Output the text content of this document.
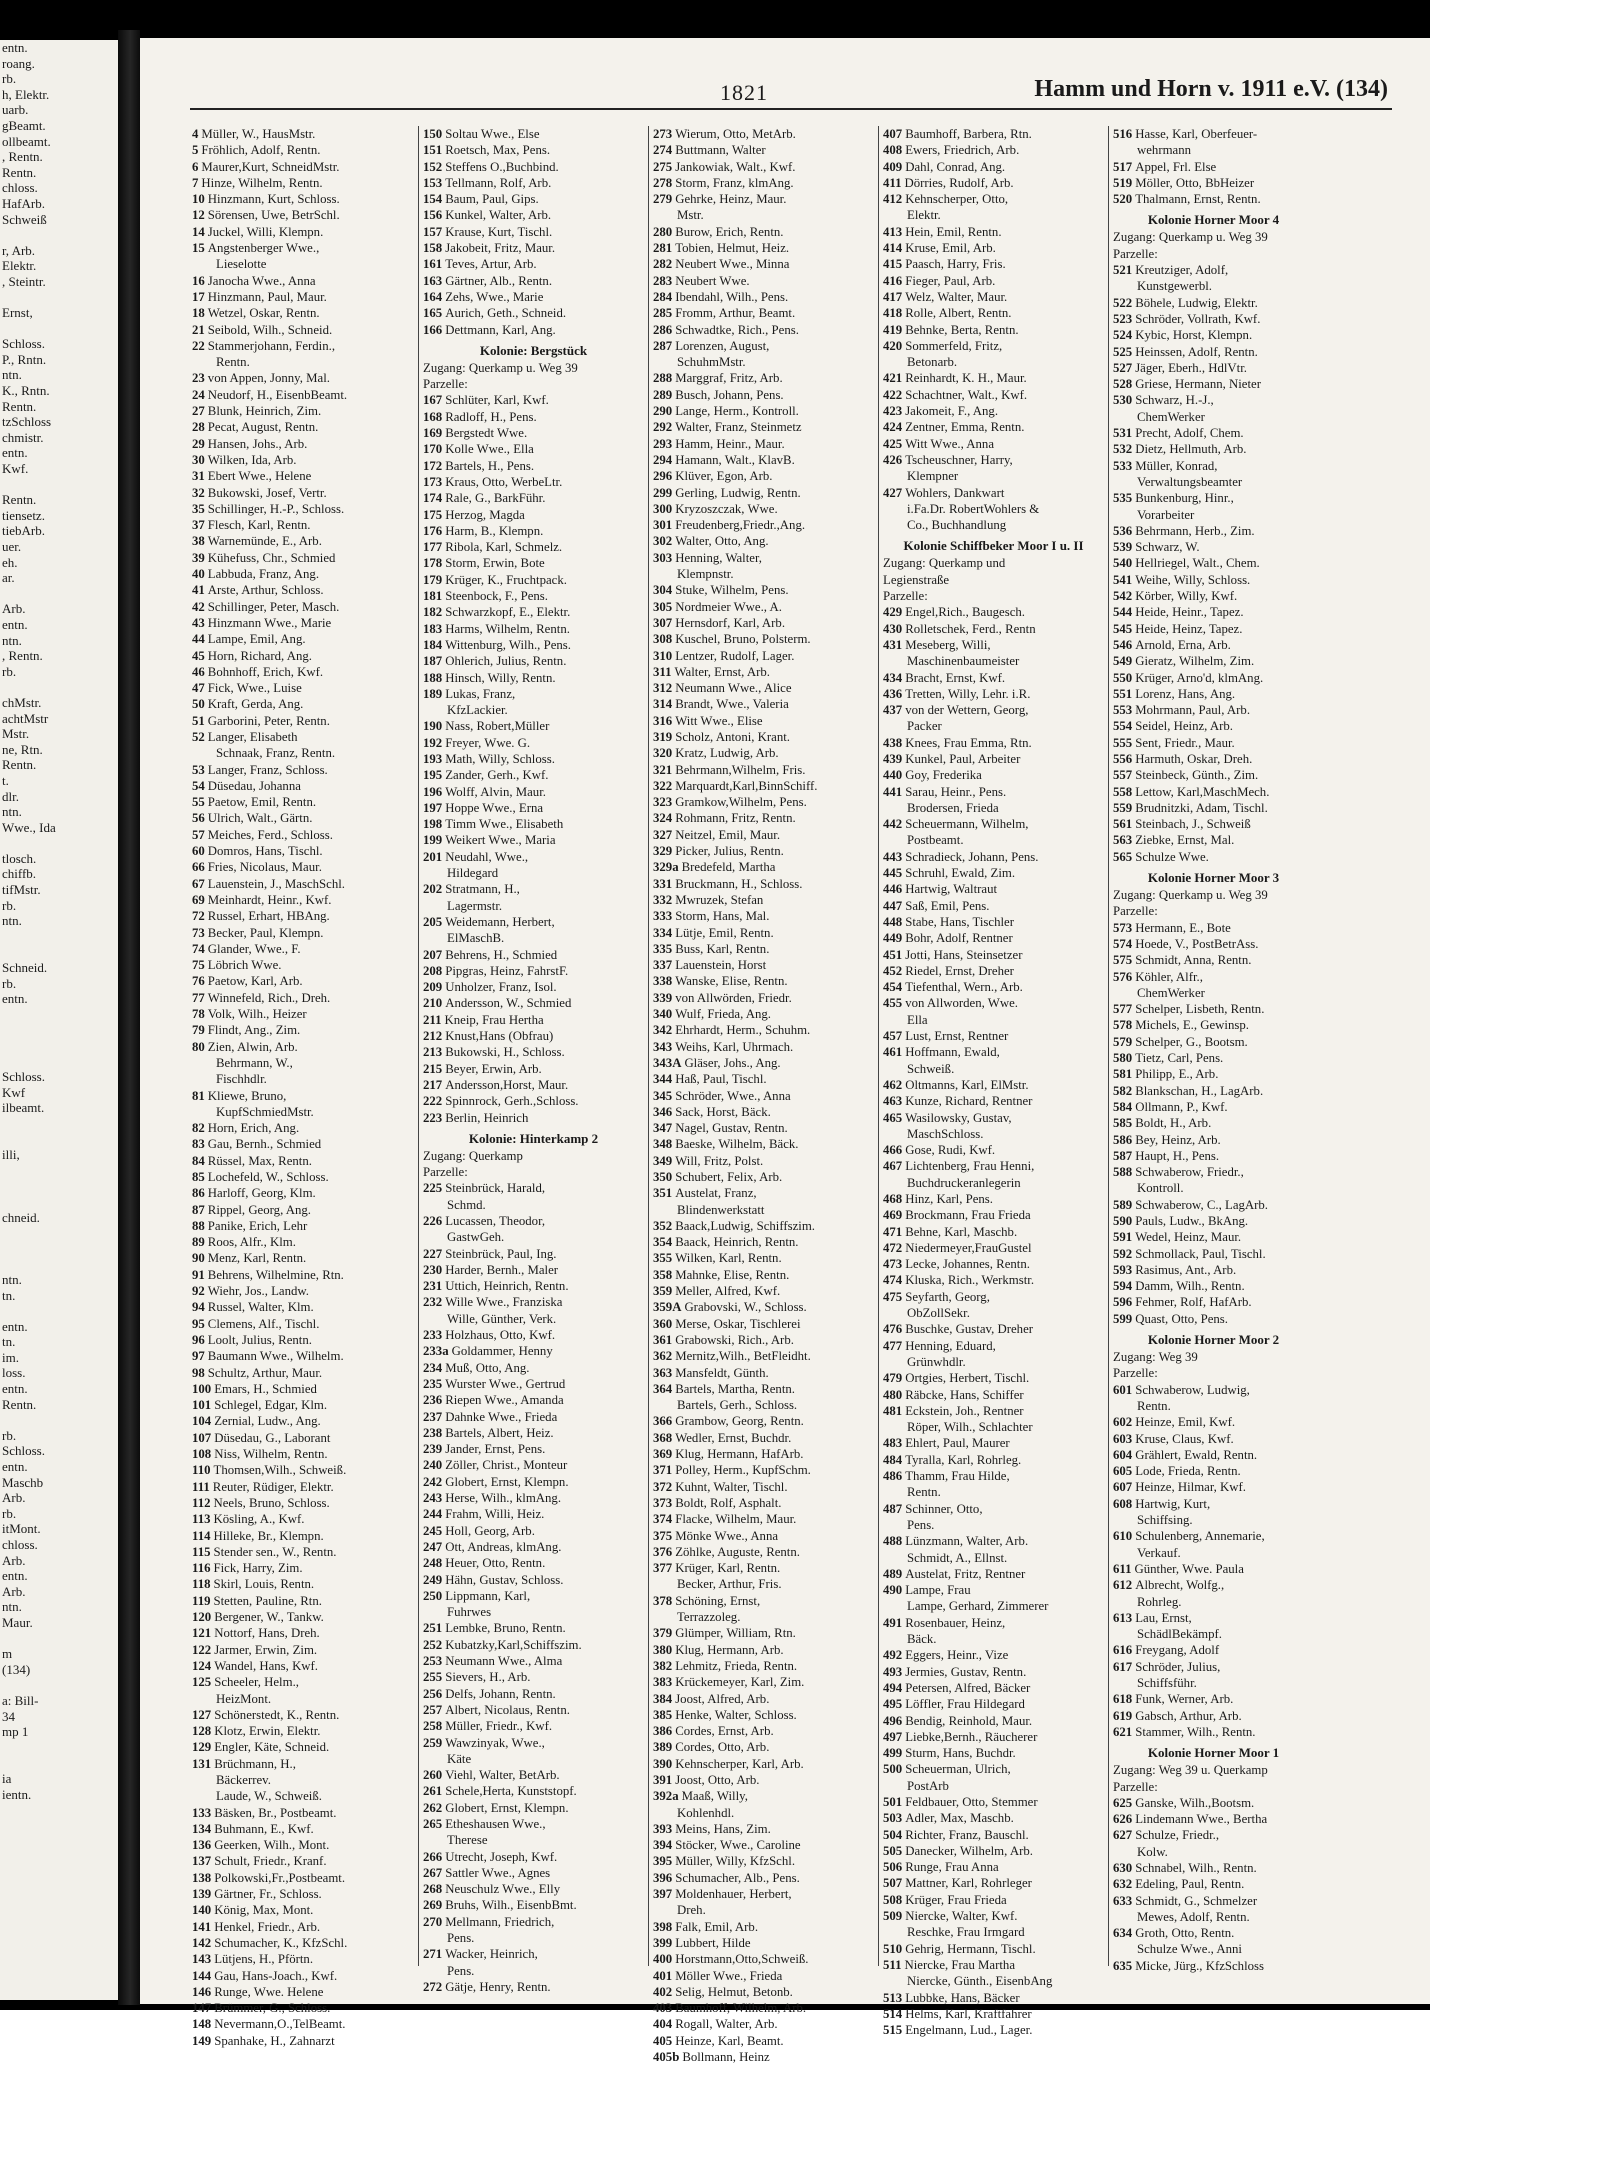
entn.
roang.
rb.
h, Elektr.
uarb.
gBeamt.
ollbeamt.
, Rentn.
Rentn.
chloss.
HafArb.
Schweiß

r, Arb.
Elektr.
, Steintr.

Ernst,

Schloss.
P., Rntn.
ntn.
K., Rntn.
Rentn.
tzSchloss
chmistr.
entn.
Kwf.

Rentn.
tiensetz.
tiebArb.
uer.
eh.
ar.

Arb.
entn.
ntn.
, Rentn.
rb.

chMstr.
achtMstr
Mstr.
ne, Rtn.
Rentn.
t.
dlr.
ntn.
Wwe., Ida

tlosch.
chiffb.
tifMstr.
rb.
ntn.

Schneid.
rb.
entn.

Schloss.
Kwf
ilbeamt.

illi,

chneid.

ntn.
tn.

entn.
tn.
im.
loss.
entn.
Rentn.

rb.
Schloss.
entn.
Maschb
Arb.
rb.
itMont.
chloss.
Arb.
entn.
Arb.
ntn.
Maur.

m
(134)

a: Bill-
34
mp 1

ia
ientn.
1821	Hamm und Horn v. 1911 e.V. (134)
4 Müller, W., HausMstr.
5 Fröhlich, Adolf, Rentn.
6 Maurer,Kurt, SchneidMstr.
7 Hinze, Wilhelm, Rentn.
10 Hinzmann, Kurt, Schloss.
12 Sörensen, Uwe, BetrSchl.
14 Juckel, Willi, Klempn.
15 Angstenberger Wwe.,
Lieselotte
16 Janocha Wwe., Anna
17 Hinzmann, Paul, Maur.
18 Wetzel, Oskar, Rentn.
21 Seibold, Wilh., Schneid.
22 Stammerjohann, Ferdin.,
Rentn.
23 von Appen, Jonny, Mal.
24 Neudorf, H., EisenbBeamt.
27 Blunk, Heinrich, Zim.
28 Pecat, August, Rentn.
29 Hansen, Johs., Arb.
30 Wilken, Ida, Arb.
31 Ebert Wwe., Helene
32 Bukowski, Josef, Vertr.
35 Schillinger, H.-P., Schloss.
37 Flesch, Karl, Rentn.
38 Warnemünde, E., Arb.
39 Kühefuss, Chr., Schmied
40 Labbuda, Franz, Ang.
41 Arste, Arthur, Schloss.
42 Schillinger, Peter, Masch.
43 Hinzmann Wwe., Marie
44 Lampe, Emil, Ang.
45 Horn, Richard, Ang.
46 Bohnhoff, Erich, Kwf.
47 Fick, Wwe., Luise
50 Kraft, Gerda, Ang.
51 Garborini, Peter, Rentn.
52 Langer, Elisabeth
Schnaak, Franz, Rentn.
53 Langer, Franz, Schloss.
54 Düsedau, Johanna
55 Paetow, Emil, Rentn.
56 Ulrich, Walt., Gärtn.
57 Meiches, Ferd., Schloss.
60 Domros, Hans, Tischl.
66 Fries, Nicolaus, Maur.
67 Lauenstein, J., MaschSchl.
69 Meinhardt, Heinr., Kwf.
72 Russel, Erhart, HBAng.
73 Becker, Paul, Klempn.
74 Glander, Wwe., F.
75 Löbrich Wwe.
76 Paetow, Karl, Arb.
77 Winnefeld, Rich., Dreh.
78 Volk, Wilh., Heizer
79 Flindt, Ang., Zim.
80 Zien, Alwin, Arb.
Behrmann, W.,
Fischhdlr.
81 Kliewe, Bruno,
KupfSchmiedMstr.
82 Horn, Erich, Ang.
83 Gau, Bernh., Schmied
84 Rüssel, Max, Rentn.
85 Lochefeld, W., Schloss.
86 Harloff, Georg, Klm.
87 Rippel, Georg, Ang.
88 Panike, Erich, Lehr
89 Roos, Alfr., Klm.
90 Menz, Karl, Rentn.
91 Behrens, Wilhelmine, Rtn.
92 Wiehr, Jos., Landw.
94 Russel, Walter, Klm.
95 Clemens, Alf., Tischl.
96 Loolt, Julius, Rentn.
97 Baumann Wwe., Wilhelm.
98 Schultz, Arthur, Maur.
100 Emars, H., Schmied
101 Schlegel, Edgar, Klm.
104 Zernial, Ludw., Ang.
107 Düsedau, G., Laborant
108 Niss, Wilhelm, Rentn.
110 Thomsen,Wilh., Schweiß.
111 Reuter, Rüdiger, Elektr.
112 Neels, Bruno, Schloss.
113 Kösling, A., Kwf.
114 Hilleke, Br., Klempn.
115 Stender sen., W., Rentn.
116 Fick, Harry, Zim.
118 Skirl, Louis, Rentn.
119 Stetten, Pauline, Rtn.
120 Bergener, W., Tankw.
121 Nottorf, Hans, Dreh.
122 Jarmer, Erwin, Zim.
124 Wandel, Hans, Kwf.
125 Scheeler, Helm.,
HeizMont.
127 Schönerstedt, K., Rentn.
128 Klotz, Erwin, Elektr.
129 Engler, Käte, Schneid.
131 Brüchmann, H.,
Bäckerrev.
Laude, W., Schweiß.
133 Bäsken, Br., Postbeamt.
134 Buhmann, E., Kwf.
136 Geerken, Wilh., Mont.
137 Schult, Friedr., Kranf.
138 Polkowski,Fr.,Postbeamt.
139 Gärtner, Fr., Schloss.
140 König, Max, Mont.
141 Henkel, Friedr., Arb.
142 Schumacher, K., KfzSchl.
143 Lütjens, H., Pförtn.
144 Gau, Hans-Joach., Kwf.
146 Runge, Wwe. Helene
147 Brümmer, G., Schloss.
148 Nevermann,O.,TelBeamt.
149 Spanhake, H., Zahnarzt
150 Soltau Wwe., Else
151 Roetsch, Max, Pens.
152 Steffens O.,Buchbind.
153 Tellmann, Rolf, Arb.
154 Baum, Paul, Gips.
156 Kunkel, Walter, Arb.
157 Krause, Kurt, Tischl.
158 Jakobeit, Fritz, Maur.
161 Teves, Artur, Arb.
163 Gärtner, Alb., Rentn.
164 Zehs, Wwe., Marie
165 Aurich, Geth., Schneid.
166 Dettmann, Karl, Ang.
Kolonie: Bergstück
Zugang: Querkamp u. Weg 39
Parzelle:
167 Schlüter, Karl, Kwf.
168 Radloff, H., Pens.
169 Bergstedt Wwe.
170 Kolle Wwe., Ella
172 Bartels, H., Pens.
173 Kraus, Otto, WerbeLtr.
174 Rale, G., BarkFühr.
175 Herzog, Magda
176 Harm, B., Klempn.
177 Ribola, Karl, Schmelz.
178 Storm, Erwin, Bote
179 Krüger, K., Fruchtpack.
181 Steenbock, F., Pens.
182 Schwarzkopf, E., Elektr.
183 Harms, Wilhelm, Rentn.
184 Wittenburg, Wilh., Pens.
187 Ohlerich, Julius, Rentn.
188 Hinsch, Willy, Rentn.
189 Lukas, Franz,
KfzLackier.
190 Nass, Robert,Müller
192 Freyer, Wwe. G.
193 Math, Willy, Schloss.
195 Zander, Gerh., Kwf.
196 Wolff, Alvin, Maur.
197 Hoppe Wwe., Erna
198 Timm Wwe., Elisabeth
199 Weikert Wwe., Maria
201 Neudahl, Wwe.,
Hildegard
202 Stratmann, H.,
Lagermstr.
205 Weidemann, Herbert,
ElMaschB.
207 Behrens, H., Schmied
208 Pipgras, Heinz, FahrstF.
209 Unholzer, Franz, Isol.
210 Andersson, W., Schmied
211 Kneip, Frau Hertha
212 Knust,Hans (Obfrau)
213 Bukowski, H., Schloss.
215 Beyer, Erwin, Arb.
217 Andersson,Horst, Maur.
222 Spinnrock, Gerh.,Schloss.
223 Berlin, Heinrich
Kolonie: Hinterkamp 2
Zugang: Querkamp
Parzelle:
225 Steinbrück, Harald,
Schmd.
226 Lucassen, Theodor,
GastwGeh.
227 Steinbrück, Paul, Ing.
230 Harder, Bernh., Maler
231 Uttich, Heinrich, Rentn.
232 Wille Wwe., Franziska
Wille, Günther, Verk.
233 Holzhaus, Otto, Kwf.
233a Goldammer, Henny
234 Muß, Otto, Ang.
235 Wurster Wwe., Gertrud
236 Riepen Wwe., Amanda
237 Dahnke Wwe., Frieda
238 Bartels, Albert, Heiz.
239 Jander, Ernst, Pens.
240 Zöller, Christ., Monteur
242 Globert, Ernst, Klempn.
243 Herse, Wilh., klmAng.
244 Frahm, Willi, Heiz.
245 Holl, Georg, Arb.
247 Ott, Andreas, klmAng.
248 Heuer, Otto, Rentn.
249 Hähn, Gustav, Schloss.
250 Lippmann, Karl,
Fuhrwes
251 Lembke, Bruno, Rentn.
252 Kubatzky,Karl,Schiffszim.
253 Neumann Wwe., Alma
255 Sievers, H., Arb.
256 Delfs, Johann, Rentn.
257 Albert, Nicolaus, Rentn.
258 Müller, Friedr., Kwf.
259 Wawzinyak, Wwe.,
Käte
260 Viehl, Walter, BetArb.
261 Schele,Herta, Kunststopf.
262 Globert, Ernst, Klempn.
265 Etheshausen Wwe.,
Therese
266 Utrecht, Joseph, Kwf.
267 Sattler Wwe., Agnes
268 Neuschulz Wwe., Elly
269 Bruhs, Wilh., EisenbBmt.
270 Mellmann, Friedrich,
Pens.
271 Wacker, Heinrich,
Pens.
272 Gätje, Henry, Rentn.
273 Wierum, Otto, MetArb.
274 Buttmann, Walter
275 Jankowiak, Walt., Kwf.
278 Storm, Franz, klmAng.
279 Gehrke, Heinz, Maur.
Mstr.
280 Burow, Erich, Rentn.
281 Tobien, Helmut, Heiz.
282 Neubert Wwe., Minna
283 Neubert Wwe.
284 Ibendahl, Wilh., Pens.
285 Fromm, Arthur, Beamt.
286 Schwadtke, Rich., Pens.
287 Lorenzen, August,
SchuhmMstr.
288 Marggraf, Fritz, Arb.
289 Busch, Johann, Pens.
290 Lange, Herm., Kontroll.
292 Walter, Franz, Steinmetz
293 Hamm, Heinr., Maur.
294 Hamann, Walt., KlavB.
296 Klüver, Egon, Arb.
299 Gerling, Ludwig, Rentn.
300 Kryzoszczak, Wwe.
301 Freudenberg,Friedr.,Ang.
302 Walter, Otto, Ang.
303 Henning, Walter,
Klempnstr.
304 Stuke, Wilhelm, Pens.
305 Nordmeier Wwe., A.
307 Hernsdorf, Karl, Arb.
308 Kuschel, Bruno, Polsterm.
310 Lentzer, Rudolf, Lager.
311 Walter, Ernst, Arb.
312 Neumann Wwe., Alice
314 Brandt, Wwe., Valeria
316 Witt Wwe., Elise
319 Scholz, Antoni, Krant.
320 Kratz, Ludwig, Arb.
321 Behrmann,Wilhelm, Fris.
322 Marquardt,Karl,BinnSchiff.
323 Gramkow,Wilhelm, Pens.
324 Rohmann, Fritz, Rentn.
327 Neitzel, Emil, Maur.
329 Picker, Julius, Rentn.
329a Bredefeld, Martha
331 Bruckmann, H., Schloss.
332 Mwruzek, Stefan
333 Storm, Hans, Mal.
334 Lütje, Emil, Rentn.
335 Buss, Karl, Rentn.
337 Lauenstein, Horst
338 Wanske, Elise, Rentn.
339 von Allwörden, Friedr.
340 Wulf, Frieda, Ang.
342 Ehrhardt, Herm., Schuhm.
343 Weihs, Karl, Uhrmach.
343A Gläser, Johs., Ang.
344 Haß, Paul, Tischl.
345 Schröder, Wwe., Anna
346 Sack, Horst, Bäck.
347 Nagel, Gustav, Rentn.
348 Baeske, Wilhelm, Bäck.
349 Will, Fritz, Polst.
350 Schubert, Felix, Arb.
351 Austelat, Franz,
Blindenwerkstatt
352 Baack,Ludwig, Schiffszim.
354 Baack, Heinrich, Rentn.
355 Wilken, Karl, Rentn.
358 Mahnke, Elise, Rentn.
359 Meller, Alfred, Kwf.
359A Grabovski, W., Schloss.
360 Merse, Oskar, Tischlerei
361 Grabowski, Rich., Arb.
362 Mernitz,Wilh., BetFleidht.
363 Mansfeldt, Günth.
364 Bartels, Martha, Rentn.
Bartels, Gerh., Schloss.
366 Grambow, Georg, Rentn.
368 Wedler, Ernst, Buchdr.
369 Klug, Hermann, HafArb.
371 Polley, Herm., KupfSchm.
372 Kuhnt, Walter, Tischl.
373 Boldt, Rolf, Asphalt.
374 Flacke, Wilhelm, Maur.
375 Mönke Wwe., Anna
376 Zöhlke, Auguste, Rentn.
377 Krüger, Karl, Rentn.
Becker, Arthur, Fris.
378 Schöning, Ernst,
Terrazzoleg.
379 Glümper, William, Rtn.
380 Klug, Hermann, Arb.
382 Lehmitz, Frieda, Rentn.
383 Krückemeyer, Karl, Zim.
384 Joost, Alfred, Arb.
385 Henke, Walter, Schloss.
386 Cordes, Ernst, Arb.
389 Cordes, Otto, Arb.
390 Kehnscherper, Karl, Arb.
391 Joost, Otto, Arb.
392a Maaß, Willy,
Kohlenhdl.
393 Meins, Hans, Zim.
394 Stöcker, Wwe., Caroline
395 Müller, Willy, KfzSchl.
396 Schumacher, Alb., Pens.
397 Moldenhauer, Herbert,
Dreh.
398 Falk, Emil, Arb.
399 Lubbert, Hilde
400 Horstmann,Otto,Schweiß.
401 Möller Wwe., Frieda
402 Selig, Helmut, Betonb.
403 Baumhoff, Wilhelm, Arb.
404 Rogall, Walter, Arb.
405 Heinze, Karl, Beamt.
405b Bollmann, Heinz
407 Baumhoff, Barbera, Rtn.
408 Ewers, Friedrich, Arb.
409 Dahl, Conrad, Ang.
411 Dörries, Rudolf, Arb.
412 Kehnscherper, Otto,
Elektr.
413 Hein, Emil, Rentn.
414 Kruse, Emil, Arb.
415 Paasch, Harry, Fris.
416 Fieger, Paul, Arb.
417 Welz, Walter, Maur.
418 Rolle, Albert, Rentn.
419 Behnke, Berta, Rentn.
420 Sommerfeld, Fritz,
Betonarb.
421 Reinhardt, K. H., Maur.
422 Schachtner, Walt., Kwf.
423 Jakomeit, F., Ang.
424 Zentner, Emma, Rentn.
425 Witt Wwe., Anna
426 Tscheuschner, Harry,
Klempner
427 Wohlers, Dankwart
i.Fa.Dr. RobertWohlers &
Co., Buchhandlung
Kolonie Schiffbeker Moor I u. II
Zugang: Querkamp und
Legienstraße
Parzelle:
429 Engel,Rich., Baugesch.
430 Rolletschek, Ferd., Rentn
431 Meseberg, Willi,
Maschinenbaumeister
434 Bracht, Ernst, Kwf.
436 Tretten, Willy, Lehr. i.R.
437 von der Wettern, Georg,
Packer
438 Knees, Frau Emma, Rtn.
439 Kunkel, Paul, Arbeiter
440 Goy, Frederika
441 Sarau, Heinr., Pens.
Brodersen, Frieda
442 Scheuermann, Wilhelm,
Postbeamt.
443 Schradieck, Johann, Pens.
445 Schruhl, Ewald, Zim.
446 Hartwig, Waltraut
447 Saß, Emil, Pens.
448 Stabe, Hans, Tischler
449 Bohr, Adolf, Rentner
451 Jotti, Hans, Steinsetzer
452 Riedel, Ernst, Dreher
454 Tiefenthal, Wern., Arb.
455 von Allworden, Wwe.
Ella
457 Lust, Ernst, Rentner
461 Hoffmann, Ewald,
Schweiß.
462 Oltmanns, Karl, ElMstr.
463 Kunze, Richard, Rentner
465 Wasilowsky, Gustav,
MaschSchloss.
466 Gose, Rudi, Kwf.
467 Lichtenberg, Frau Henni,
Buchdruckeranlegerin
468 Hinz, Karl, Pens.
469 Brockmann, Frau Frieda
471 Behne, Karl, Maschb.
472 Niedermeyer,FrauGustel
473 Lecke, Johannes, Rentn.
474 Kluska, Rich., Werkmstr.
475 Seyfarth, Georg,
ObZollSekr.
476 Buschke, Gustav, Dreher
477 Henning, Eduard,
Grünwhdlr.
479 Ortgies, Herbert, Tischl.
480 Räbcke, Hans, Schiffer
481 Eckstein, Joh., Rentner
Röper, Wilh., Schlachter
483 Ehlert, Paul, Maurer
484 Tyralla, Karl, Rohrleg.
486 Thamm, Frau Hilde,
Rentn.
487 Schinner, Otto,
Pens.
488 Lünzmann, Walter, Arb.
Schmidt, A., Ellnst.
489 Austelat, Fritz, Rentner
490 Lampe, Frau
Lampe, Gerhard, Zimmerer
491 Rosenbauer, Heinz,
Bäck.
492 Eggers, Heinr., Vize
493 Jermies, Gustav, Rentn.
494 Petersen, Alfred, Bäcker
495 Löffler, Frau Hildegard
496 Bendig, Reinhold, Maur.
497 Liebke,Bernh., Räucherer
499 Sturm, Hans, Buchdr.
500 Scheuerman, Ulrich,
PostArb
501 Feldbauer, Otto, Stemmer
503 Adler, Max, Maschb.
504 Richter, Franz, Bauschl.
505 Danecker, Wilhelm, Arb.
506 Runge, Frau Anna
507 Mattner, Karl, Rohrleger
508 Krüger, Frau Frieda
509 Niercke, Walter, Kwf.
Reschke, Frau Irmgard
510 Gehrig, Hermann, Tischl.
511 Niercke, Frau Martha
Niercke, Günth., EisenbAng
513 Lubbke, Hans, Bäcker
514 Helms, Karl, Kraftfahrer
515 Engelmann, Lud., Lager.
516 Hasse, Karl, Oberfeuer-
wehrmann
517 Appel, Frl. Else
519 Möller, Otto, BbHeizer
520 Thalmann, Ernst, Rentn.
Kolonie Horner Moor 4
Zugang: Querkamp u. Weg 39
Parzelle:
521 Kreutziger, Adolf,
Kunstgewerbl.
522 Böhele, Ludwig, Elektr.
523 Schröder, Vollrath, Kwf.
524 Kybic, Horst, Klempn.
525 Heinssen, Adolf, Rentn.
527 Jäger, Eberh., HdlVtr.
528 Griese, Hermann, Nieter
530 Schwarz, H.-J.,
ChemWerker
531 Precht, Adolf, Chem.
532 Dietz, Hellmuth, Arb.
533 Müller, Konrad,
Verwaltungsbeamter
535 Bunkenburg, Hinr.,
Vorarbeiter
536 Behrmann, Herb., Zim.
539 Schwarz, W.
540 Hellriegel, Walt., Chem.
541 Weihe, Willy, Schloss.
542 Körber, Willy, Kwf.
544 Heide, Heinr., Tapez.
545 Heide, Heinz, Tapez.
546 Arnold, Erna, Arb.
549 Gieratz, Wilhelm, Zim.
550 Krüger, Arno'd, klmAng.
551 Lorenz, Hans, Ang.
553 Mohrmann, Paul, Arb.
554 Seidel, Heinz, Arb.
555 Sent, Friedr., Maur.
556 Harmuth, Oskar, Dreh.
557 Steinbeck, Günth., Zim.
558 Lettow, Karl,MaschMech.
559 Brudnitzki, Adam, Tischl.
561 Steinbach, J., Schweiß
563 Ziebke, Ernst, Mal.
565 Schulze Wwe.
Kolonie Horner Moor 3
Zugang: Querkamp u. Weg 39
Parzelle:
573 Hermann, E., Bote
574 Hoede, V., PostBetrAss.
575 Schmidt, Anna, Rentn.
576 Köhler, Alfr.,
ChemWerker
577 Schelper, Lisbeth, Rentn.
578 Michels, E., Gewinsp.
579 Schelper, G., Bootsm.
580 Tietz, Carl, Pens.
581 Philipp, E., Arb.
582 Blankschan, H., LagArb.
584 Ollmann, P., Kwf.
585 Boldt, H., Arb.
586 Bey, Heinz, Arb.
587 Haupt, H., Pens.
588 Schwaberow, Friedr.,
Kontroll.
589 Schwaberow, C., LagArb.
590 Pauls, Ludw., BkAng.
591 Wedel, Heinz, Maur.
592 Schmollack, Paul, Tischl.
593 Rasimus, Ant., Arb.
594 Damm, Wilh., Rentn.
596 Fehmer, Rolf, HafArb.
599 Quast, Otto, Pens.
Kolonie Horner Moor 2
Zugang: Weg 39
Parzelle:
601 Schwaberow, Ludwig,
Rentn.
602 Heinze, Emil, Kwf.
603 Kruse, Claus, Kwf.
604 Grählert, Ewald, Rentn.
605 Lode, Frieda, Rentn.
607 Heinze, Hilmar, Kwf.
608 Hartwig, Kurt,
Schiffsing.
610 Schulenberg, Annemarie,
Verkauf.
611 Günther, Wwe. Paula
612 Albrecht, Wolfg.,
Rohrleg.
613 Lau, Ernst,
SchädlBekämpf.
616 Freygang, Adolf
617 Schröder, Julius,
Schiffsführ.
618 Funk, Werner, Arb.
619 Gabsch, Arthur, Arb.
621 Stammer, Wilh., Rentn.
Kolonie Horner Moor 1
Zugang: Weg 39 u. Querkamp
Parzelle:
625 Ganske, Wilh.,Bootsm.
626 Lindemann Wwe., Bertha
627 Schulze, Friedr.,
Kolw.
630 Schnabel, Wilh., Rentn.
632 Edeling, Paul, Rentn.
633 Schmidt, G., Schmelzer
Mewes, Adolf, Rentn.
634 Groth, Otto, Rentn.
Schulze Wwe., Anni
635 Micke, Jürg., KfzSchloss
